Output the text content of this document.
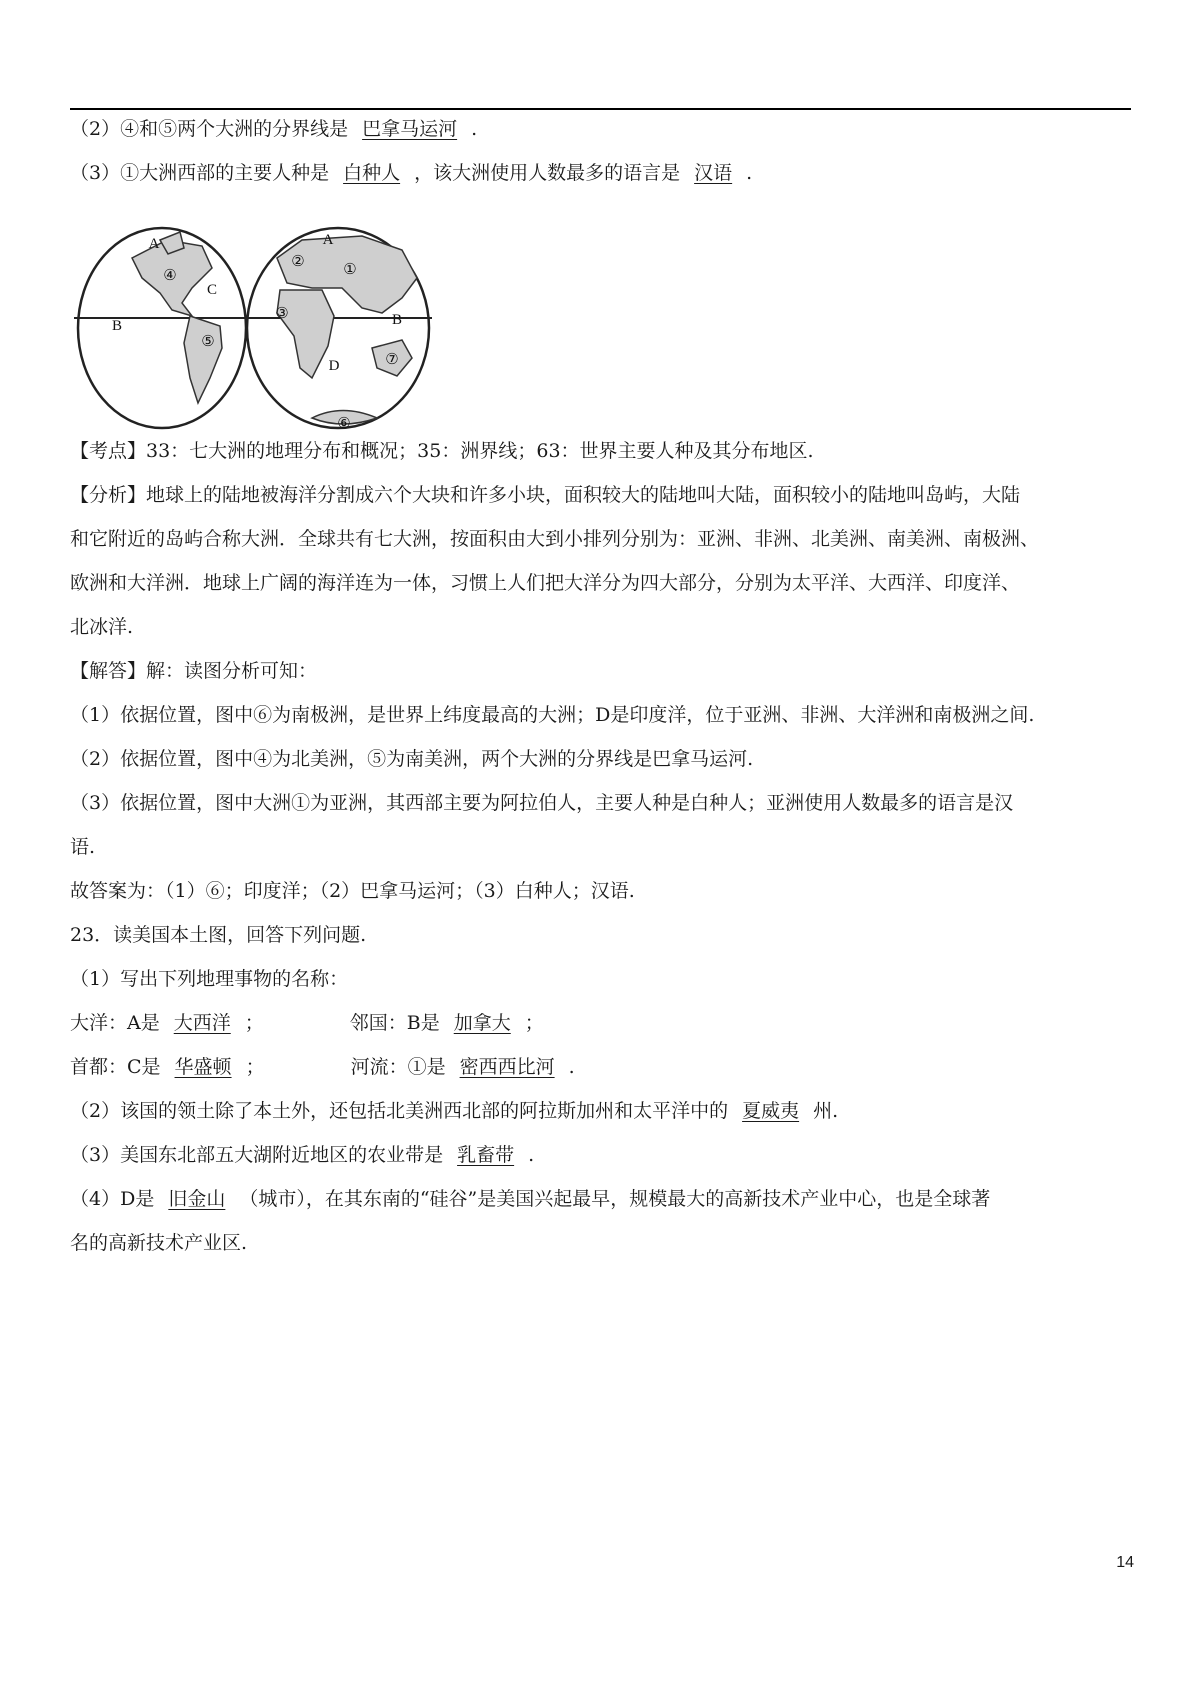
（2）④和⑤两个大洲的分界线是 巴拿马运河 .
（3）①大洲西部的主要人种是 白种人 ，该大洲使用人数最多的语言是 汉语 .
A
④
C
B
⑤
A
②	①
③	B
D	⑦
⑥
【考点】33：七大洲的地理分布和概况；35：洲界线；63：世界主要人种及其分布地区.
【分析】地球上的陆地被海洋分割成六个大块和许多小块，面积较大的陆地叫大陆，面积较小的陆地叫岛屿，大陆
和它附近的岛屿合称大洲．全球共有七大洲，按面积由大到小排列分别为：亚洲、非洲、北美洲、南美洲、南极洲、
欧洲和大洋洲．地球上广阔的海洋连为一体，习惯上人们把大洋分为四大部分，分别为太平洋、大西洋、印度洋、
北冰洋.
【解答】解：读图分析可知：
（1）依据位置，图中⑥为南极洲，是世界上纬度最高的大洲；D是印度洋，位于亚洲、非洲、大洋洲和南极洲之间.
（2）依据位置，图中④为北美洲，⑤为南美洲，两个大洲的分界线是巴拿马运河.
（3）依据位置，图中大洲①为亚洲，其西部主要为阿拉伯人，主要人种是白种人；亚洲使用人数最多的语言是汉
语.
故答案为：（1）⑥；印度洋；（2）巴拿马运河；（3）白种人；汉语.
23．读美国本土图，回答下列问题.
（1）写出下列地理事物的名称：
大洋：A是 大西洋 ；	邻国：B是 加拿大 ；
首都：C是 华盛顿 ；	河流：①是 密西西比河 .
（2）该国的领土除了本土外，还包括北美洲西北部的阿拉斯加州和太平洋中的 夏威夷 州.
（3）美国东北部五大湖附近地区的农业带是 乳畜带 .
（4）D是 旧金山 （城市），在其东南的“硅谷”是美国兴起最早，规模最大的高新技术产业中心，也是全球著
名的高新技术产业区.
14
